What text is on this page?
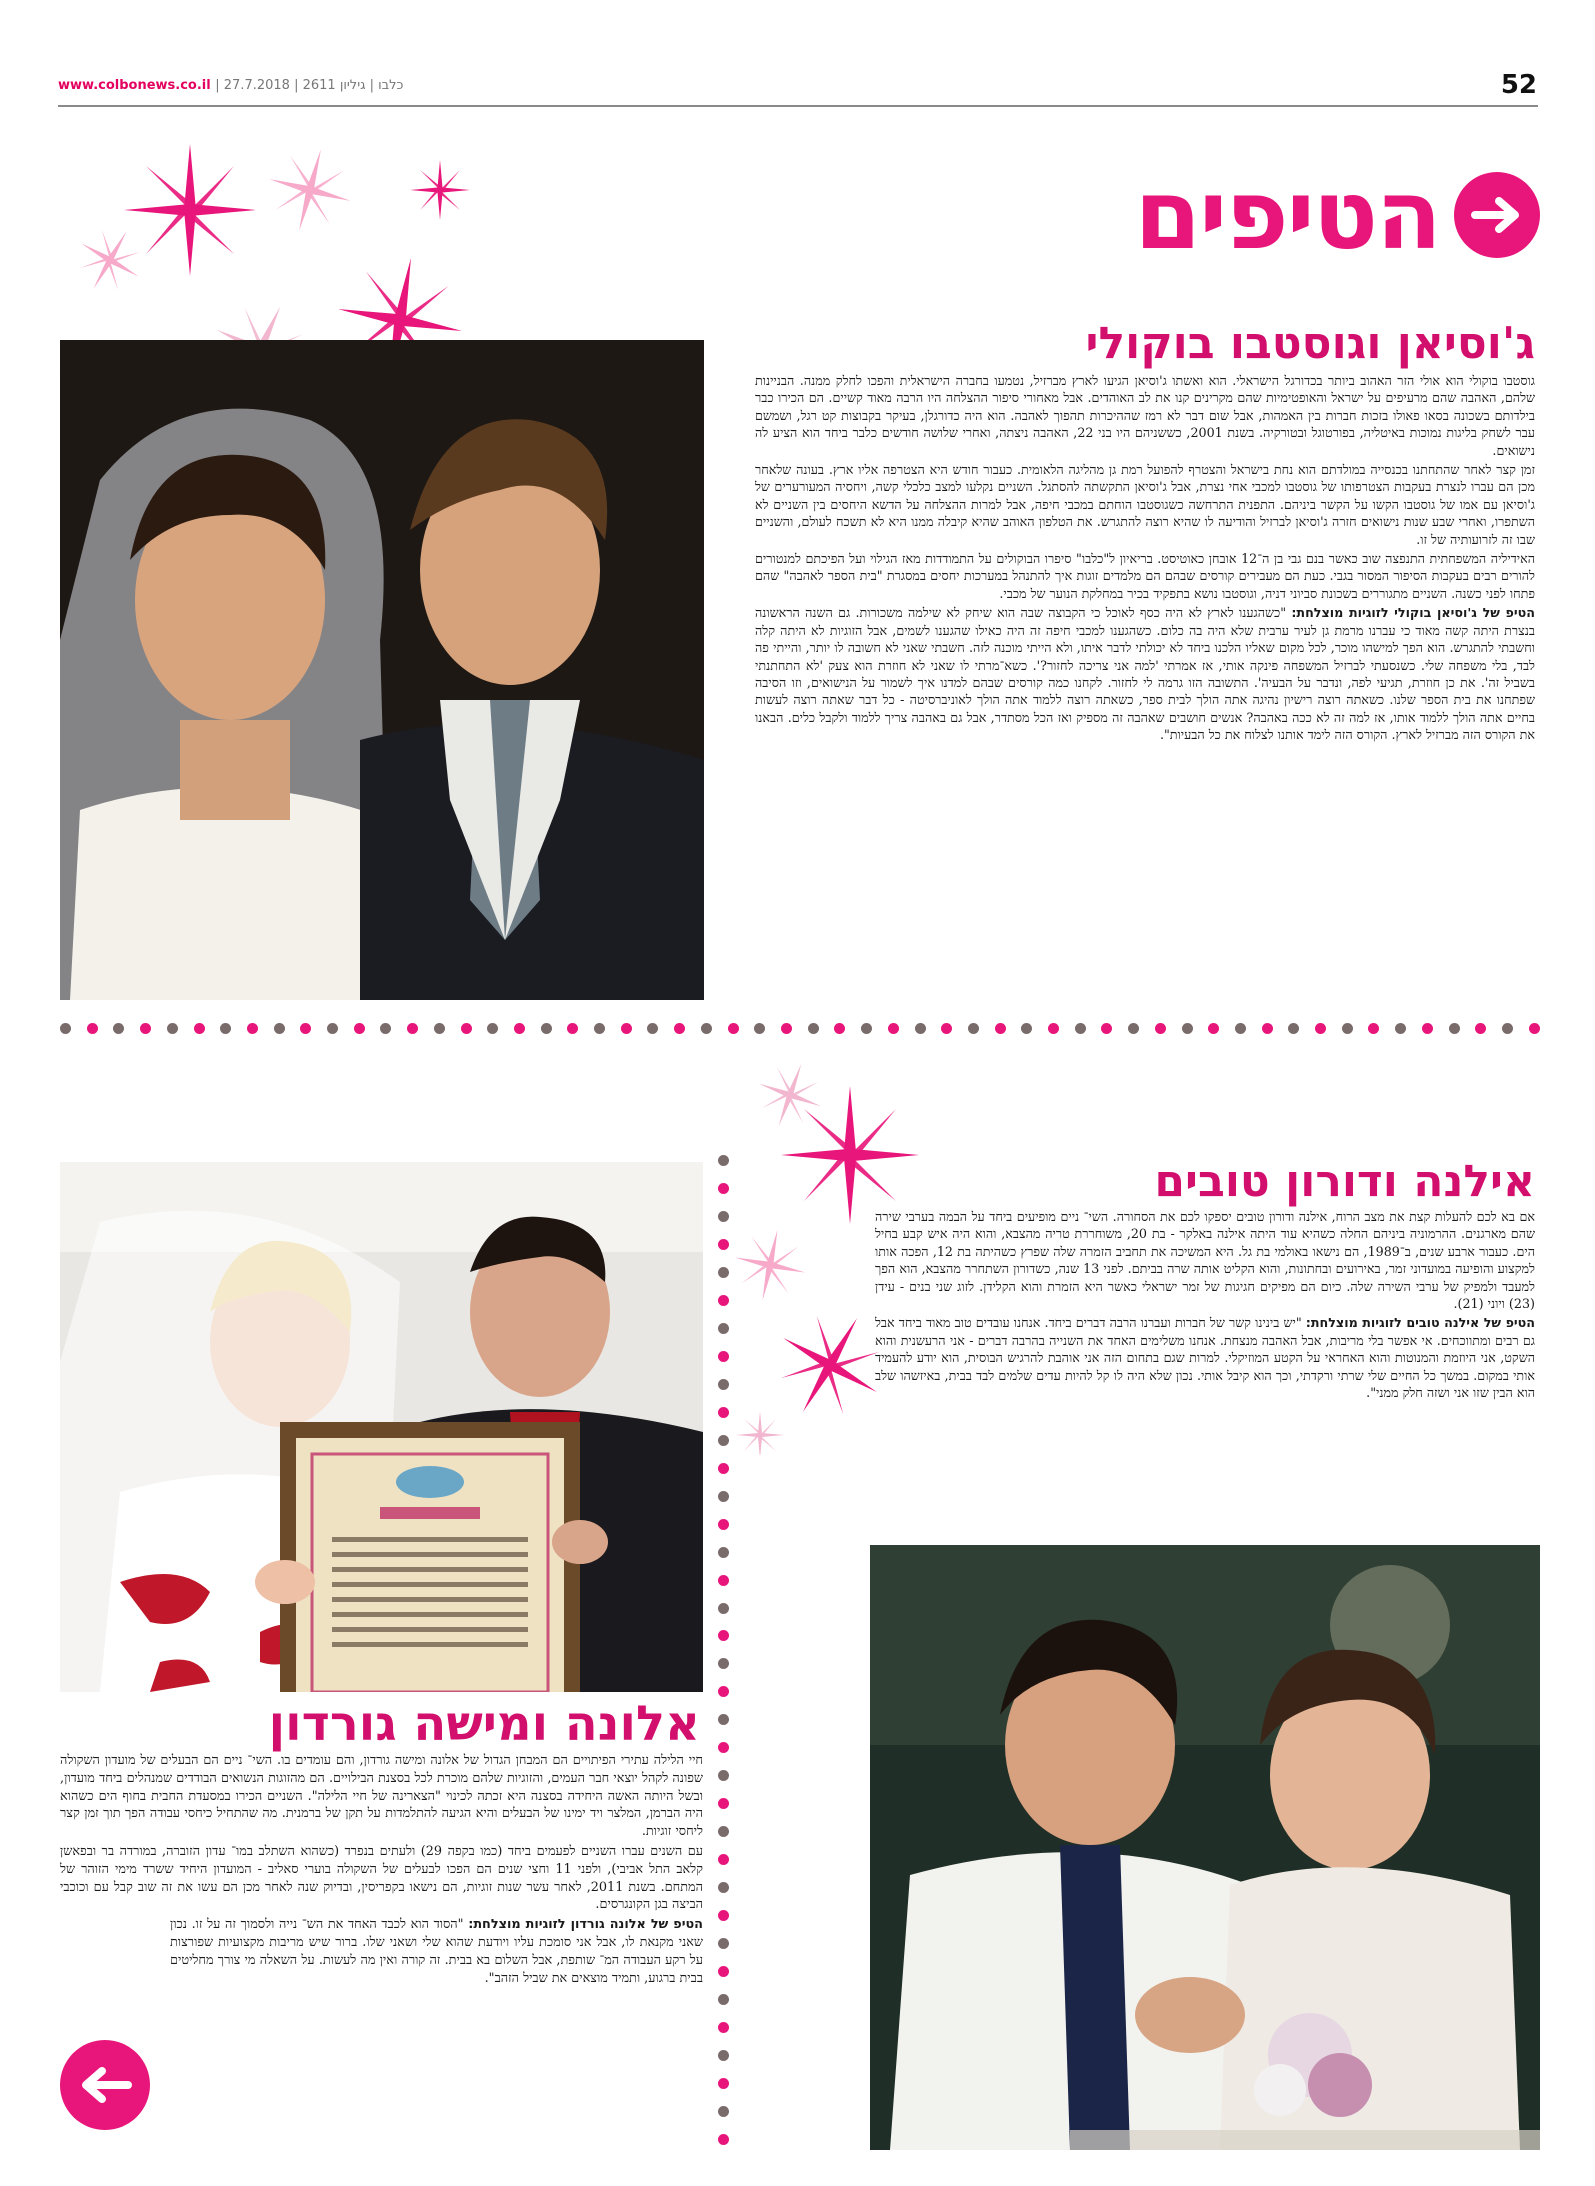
www.colbonews.co.il | כלבו | גיליון 2611 | 27.7.2018	52
הטיפים
ג'וסיאן וגוסטבו בוקולי

גוסטבו בוקולי הוא אולי הזר האהוב ביותר בכדורגל הישראלי. הוא ואשתו ג'וסיאן הגיעו לארץ מברזיל, נטמעו בחברה הישראלית והפכו לחלק ממנה. הבניינות שלהם, האהבה שהם מרעיפים על ישראל והאופטימיות שהם מקרינים קנו את לב האוהדים. אבל מאחורי סיפור ההצלחה היו הרבה מאוד קשיים. הם הכירו כבר בילדותם בשכונה בסאו פאולו בזכות חברות בין האמהות, אבל שום דבר לא רמז שההיכרות תהפוך לאהבה. הוא היה כדורגלן, בעיקר בקבוצות קט רגל, ושמשם עבר לשחק בליגות נמוכות באיטליה, בפורטוגל ובטורקיה. בשנת 2001, כששניהם היו בני 22, האהבה ניצתה, ואחרי שלושה חודשים כלבר ביחד הוא הציע לה נישואים.

זמן קצר לאחר שהתחתנו בכנסייה במולדתם הוא נחת בישראל והצטרף להפועל רמת גן מהליגה הלאומית. כעבור חודש היא הצטרפה אליו ארץ. בעונה שלאחר מכן הם עברו לנצרת בעקבות הצטרפותו של גוסטבו למכבי אחי נצרת, אבל ג'וסיאן התקשתה להסתגל. השניים נקלעו למצב כלכלי קשה, ויחסיה המעורערים של ג'וסיאן עם אמו של גוסטבו הקשו על הקשר ביניהם. התפנית התרחשה כשגוסטבו הוחתם במכבי חיפה, אבל למרות ההצלחה על הדשא היחסים בין השניים לא השתפרו, ואחרי שבע שנות נישואים חזרה ג'וסיאן לברזיל והודיעה לו שהיא רוצה להתגרש. את הטלפון האוהב שהיא קיבלה ממנו היא לא תשכח לעולם, והשניים שבו זה לזרועותיה של זו.

האידיליה המשפחתית התנפצה שוב כאשר בנם גבי בן ה־12 אובחן כאוטיסט. בריאיון ל"כלבו" סיפרו הבוקולים על התמודדות מאז הגילוי ועל הפיכתם למנטורים להורים רבים בעקבות הסיפור המסור בגבי. כעת הם מעבירים קורסים שבהם הם מלמדים זוגות איך להתנהל במערכות יחסים במסגרת "בית הספר לאהבה" שהם פתחו לפני כשנה. השניים מתגוררים בשכונת סביוני דניה, וגוסטבו נושא בתפקיד בכיר במחלקת הנוער של מכבי.

הטיפ של ג'וסיאן בוקולי לזוגיות מוצלחת: "כשהגענו לארץ לא היה כסף לאוכל כי הקבוצה שבה הוא שיחק לא שילמה משכורות. גם השנה הראשונה בנצרת היתה קשה מאוד כי עברנו מרמת גן לעיר ערבית שלא היה בה כלום. כשהגענו למכבי חיפה זה היה כאילו שהגענו לשמים, אבל הזוגיות לא היתה קלה וחשבתי להתגרש. הוא הפך למישהו מוכר, לכל מקום שאליו הלכנו ביחד לא יכולתי לדבר איתו, ולא הייתי מוכנה לזה. חשבתי שאני לא חשובה לו יותר, והייתי פה לבד, בלי משפחה שלי. כשנסעתי לברזיל המשפחה פינקה אותי, אז אמרתי 'למה אני צריכה לחזור?'. כשא־מרתי לו שאני לא חוזרת הוא צעק 'לא התחתנתי בשביל זה'. את כן חוזרת, תגיעי לפה, ונדבר על הבעיה'. התשובה הזו גרמה לי לחזור. לקחנו כמה קורסים שבהם למדנו איך לשמור על הנישואים, וזו הסיבה שפתחנו את בית הספר שלנו. כשאתה רוצה רישיון נהיגה אתה הולך לבית ספר, כשאתה רוצה ללמוד אתה הולך לאוניברסיטה - כל דבר שאתה רוצה לעשות בחיים אתה הולך ללמוד אותו, אז למה זה לא ככה באהבה? אנשים חושבים שאהבה זה מספיק ואז הכל מסתדר, אבל גם באהבה צריך ללמוד ולקבל כלים. הבאנו את הקורס הזה מברזיל לארץ. הקורס הזה לימד אותנו לצלוח את כל הבעיות".

אלונה ומישה גורדון

חיי הלילה עתירי הפיתויים הם המבחן הגדול של אלונה ומישה גורדון, והם עומדים בו. השי־ ניים הם הבעלים של מועדון השקולה שפונה לקהל יוצאי חבר העמים, והזוגיות שלהם מוכרת לכל בסצנת הבילויים. הם מהזוגות הנשואים הבודדים שמנהלים ביחד מועדון, ובשל היותה האשה היחידה בסצנה היא זכתה לכינוי "הצארינה של חיי הלילה". השניים הכירו במסעדת החבית בחוף הים כשהוא היה הברמן, המלצר ויד ימינו של הבעלים והיא הגיעה להתלמדות על תקן של ברמנית. מה שהתחיל כיחסי עבודה הפך תוך זמן קצר ליחסי זוגיות.

עם השנים עברו השניים לפעמים ביחד (כמו בקפה 29) ולעתים בנפרד (כשהוא השתלב במו־ עדון הזוברה, במורדה בר ובפאשן קלאב התל אביבי), ולפני 11 וחצי שנים הם הפכו לבעלים של השקולה בוערי סאליב - המועדון היחיד ששרד מימי הזוהר של המתחם. בשנת 2011, לאחר עשר שנות זוגיות, הם נישאו בקפריסין, ובדיוק שנה לאחר מכן הם עשו את זה שוב קבל עם וכוכבי הביצה בגן הקונגרסים.

הטיפ של אלונה גורדון לזוגיות מוצלחת: "הסוד הוא לכבד האחד את הש־ נייה ולסמוך זה על זו. נכון שאני מקנאת לו, אבל אני סומכת עליו ויודעת שהוא שלי ושאני שלו. ברור שיש מריבות מקצועיות שפורצות על רקע העבודה המ־ שותפת, אבל השלום בא בבית. זה קורה ואין מה לעשות. על השאלה מי צורך מחליטים בבית ברגוע, ותמיד מוצאים את שביל הזהב".

אילנה ודורון טובים

אם בא לכם להעלות קצת את מצב הרוח, אילנה ודורון טובים יספקו לכם את הסחורה. השי־ ניים מופיעים ביחד על הבמה בערבי שירה שהם מארגנים. ההרמוניה ביניהם החלה כשהיא עוד היתה אילנה באלקר - בת 20, משוחררת טריה מהצבא, והוא היה איש קבע בחיל הים. כעבור ארבע שנים, ב־1989, הם נישאו באולמי בת גל. היא המשיכה את תחביב הזמרה שלה שפרץ כשהיתה בת 12, הפכה אותו למקצוע והופיעה במועדוני זמר, באירועים ובחתונות, והוא הקליט אותה שרה בביתם. לפני 13 שנה, כשדורון השתחרר מהצבא, הוא הפך למעבד ולמפיק של ערבי השירה שלה. כיום הם מפיקים חגיגות של זמר ישראלי כאשר היא הזמרת והוא הקלידן. לזוג שני בנים - עידן (23) ויוני (21).

הטיפ של אילנה טובים לזוגיות מוצלחת: "יש בינינו קשר של חברות ועברנו הרבה דברים ביחד. אנחנו עובדים טוב מאוד ביחד אבל גם רבים ומתווכחים. אי אפשר בלי מריבות, אבל האהבה מנצחת. אנחנו משלימים האחד את השנייה בהרבה דברים - אני הרעשנית והוא השקט, אני היוזמת והמנוטות והוא האחראי על הקטע המוזיקלי. למרות שגם בתחום הזה אני אוהבת להרגיש הבוסית, הוא יודע להעמיד אותי במקום. במשך כל החיים שלי שרתי ורקדתי, וכך הוא קיבל אותי. נכון שלא היה לו קל להיות עדים שלמים לבד בבית, באיזשהו שלב הוא הבין שזו אני ושזה חלק ממני".
